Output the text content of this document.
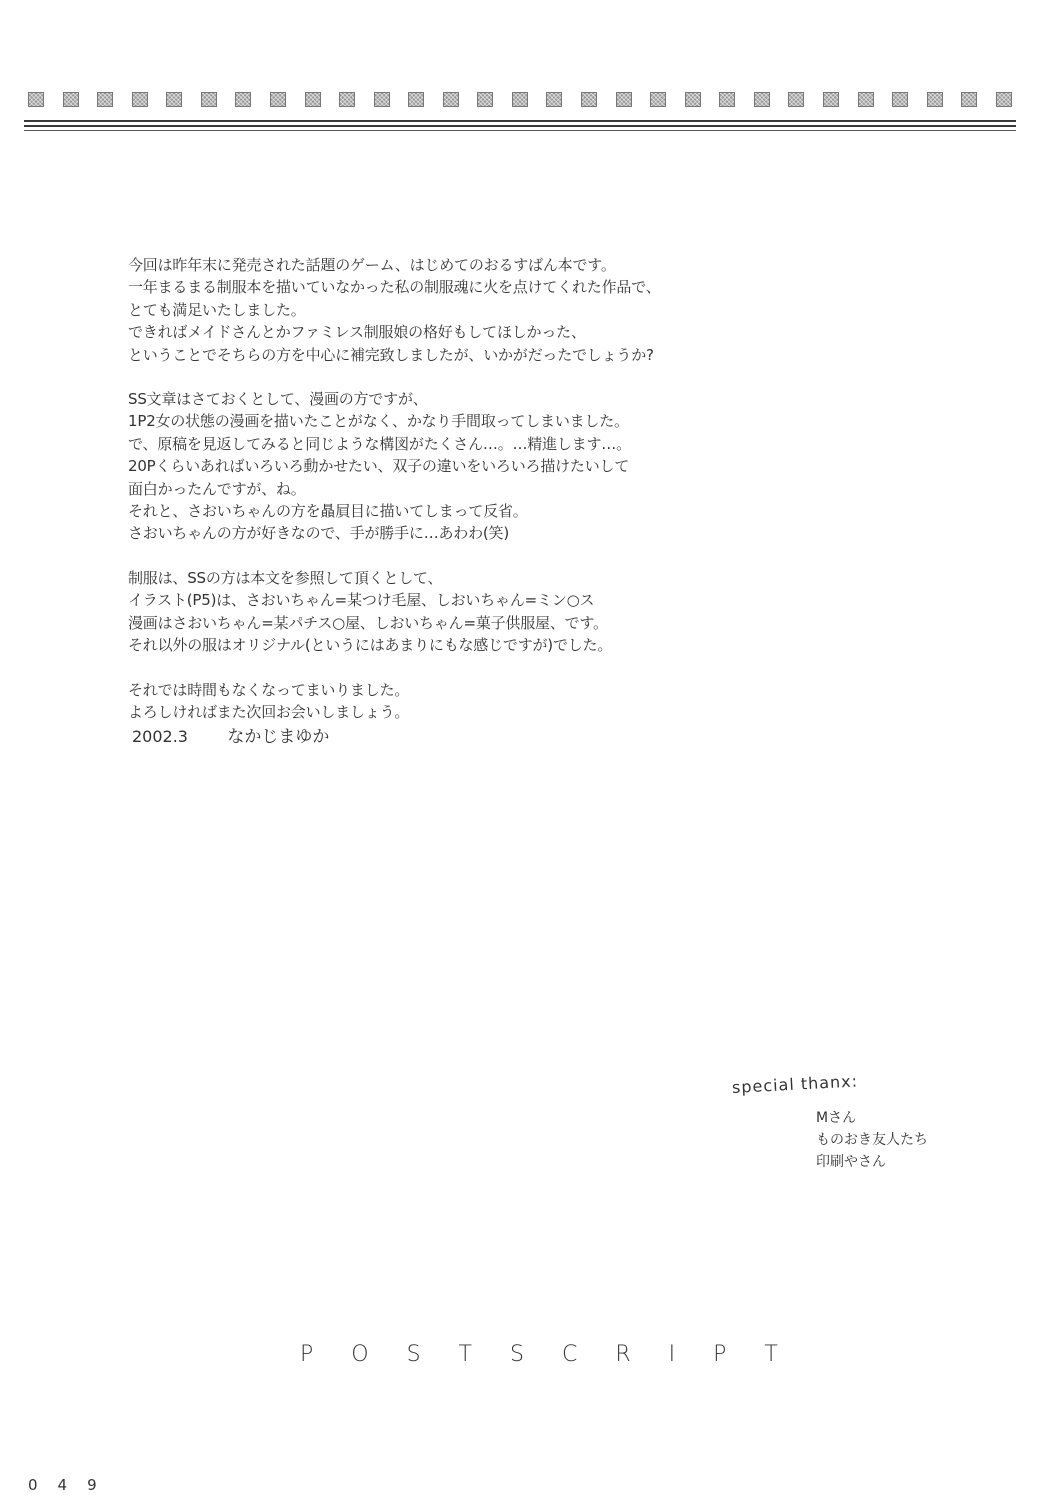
今回は昨年末に発売された話題のゲーム、はじめてのおるすばん本です。
一年まるまる制服本を描いていなかった私の制服魂に火を点けてくれた作品で、
とても満足いたしました。
できればメイドさんとかファミレス制服娘の格好もしてほしかった、
ということでそちらの方を中心に補完致しましたが、いかがだったでしょうか?
SS文章はさておくとして、漫画の方ですが、
1P2女の状態の漫画を描いたことがなく、かなり手間取ってしまいました。
で、原稿を見返してみると同じような構図がたくさん…。…精進します…。
20Pくらいあればいろいろ動かせたい、双子の違いをいろいろ描けたいして
面白かったんですが、ね。
それと、さおいちゃんの方を贔屓目に描いてしまって反省。
さおいちゃんの方が好きなので、手が勝手に…あわわ(笑)
制服は、SSの方は本文を参照して頂くとして、
イラスト(P5)は、さおいちゃん=某つけ毛屋、しおいちゃん=ミン○ス
漫画はさおいちゃん=某パチス○屋、しおいちゃん=菓子供服屋、です。
それ以外の服はオリジナル(というにはあまりにもな感じですが)でした。
それでは時間もなくなってまいりました。
よろしければまた次回お会いしましょう。
2002.3 なかじまゆか
special thanx:
Mさん
ものおき友人たち
印刷やさん
POSTSCRIPT
049
